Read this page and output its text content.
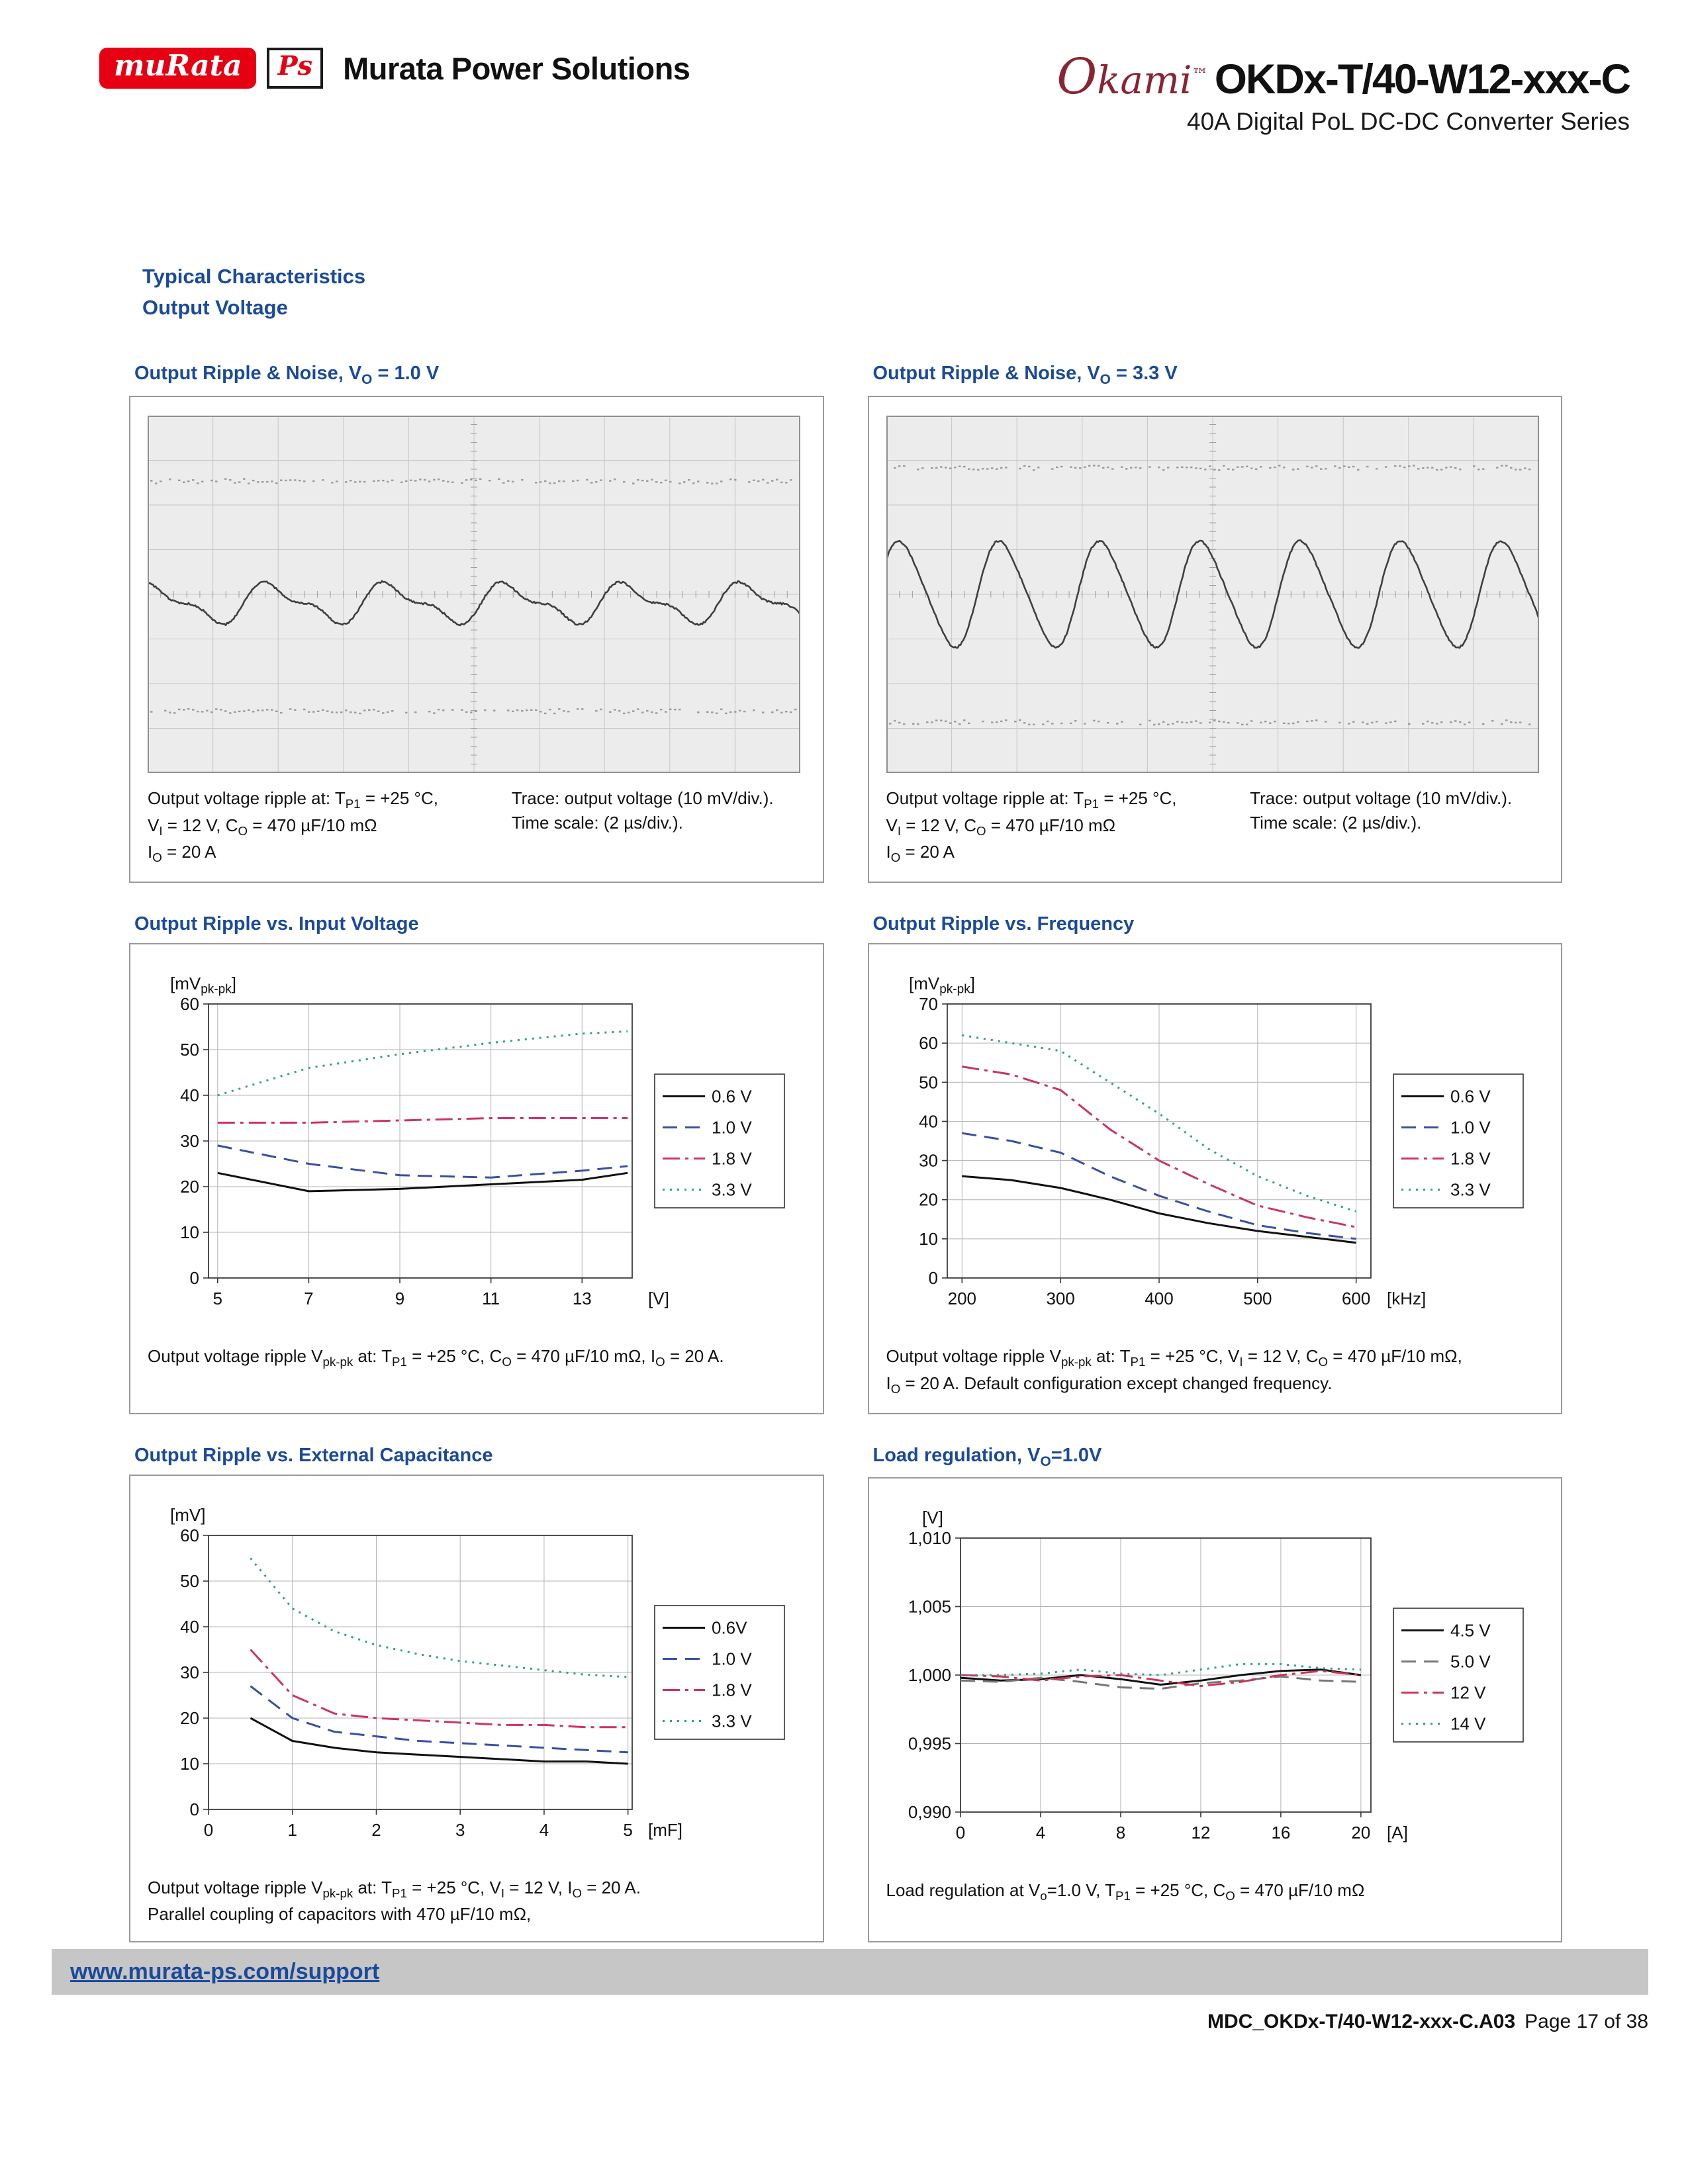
muRata	Ps Murata Power Solutions	Okami™ OKDx-T/40-W12-xxx-C
40A Digital PoL DC-DC Converter Series
Typical Characteristics
Output Voltage
Output Ripple & Noise, $V_O = 1.0$ V
Output voltage ripple at: $T_{P1} = +25$ °C,
$V_I = 12$ V, $C_O = 470$ µF/10 mΩ
$I_O = 20$ A
Trace: output voltage (10 mV/div.).
Time scale: (2 µs/div.).
Output Ripple & Noise, $V_O = 3.3$ V
Output voltage ripple at: $T_{P1} = +25$ °C,
$V_I = 12$ V, $C_O = 470$ µF/10 mΩ
$I_O = 20$ A
Trace: output voltage (10 mV/div.).
Time scale: (2 µs/div.).
Output Ripple vs. Input Voltage
5	7	9	11	13
0
10
20
30
40
50
60
$[mV_{pk-pk}]$
[V]
0.6 V
1.0 V
1.8 V
3.3 V
Output voltage ripple $V_{pk-pk}$ at: $T_{P1} = +25$ °C, $C_O = 470$ µF/10 mΩ, $I_O = 20$ A.
Output Ripple vs. Frequency
200	300	400	500	600
0
10
20
30
40
50
60
70
$[mV_{pk-pk}]$
[kHz]
0.6 V
1.0 V
1.8 V
3.3 V
Output voltage ripple $V_{pk-pk}$ at: $T_{P1} = +25$ °C, $V_I = 12$ V, $C_O = 470$ µF/10 mΩ,
$I_O = 20$ A. Default configuration except changed frequency.
Output Ripple vs. External Capacitance
0	1	2	3	4	5
0
10
20
30
40
50
60
[mV]
[mF]
0.6V
1.0 V
1.8 V
3.3 V
Output voltage ripple $V_{pk-pk}$ at: $T_{P1} = +25$ °C, $V_I = 12$ V, $I_O = 20$ A.
Parallel coupling of capacitors with 470 µF/10 mΩ,
Load regulation, $V_O=1.0V$
0	4	8	12	16	20
0,990
0,995
1,000
1,005
1,010
[V]
[A]
4.5 V
5.0 V
12 V
14 V
Load regulation at $V_o=1.0$ V, $T_{P1} = +25$ °C, $C_O = 470$ µF/10 mΩ
www.murata-ps.com/support
MDC_OKDx-T/40-W12-xxx-C.A03 Page 17 of 38
